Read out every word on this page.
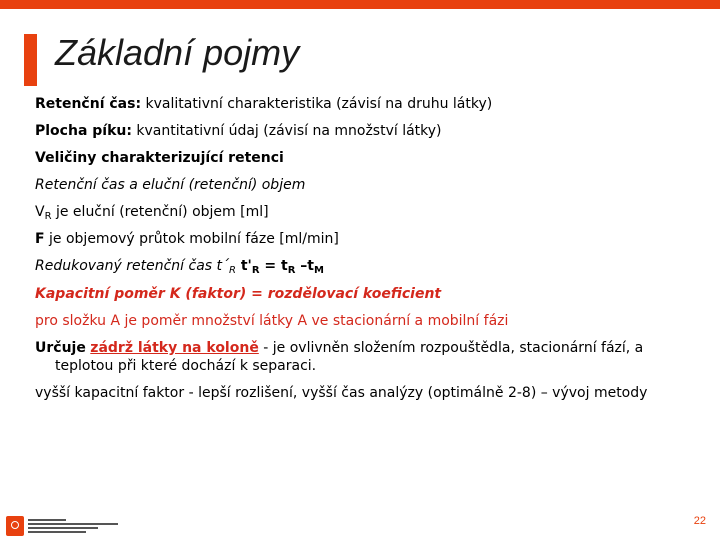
Základní pojmy
Retenční čas: kvalitativní charakteristika (závisí na druhu látky)
Plocha píku: kvantitativní údaj (závisí na množství látky)
Veličiny charakterizující retenci
Retenční čas a eluční (retenční) objem
$V_R$ je eluční (retenční) objem [ml]
F je objemový průtok mobilní fáze [ml/min]
Redukovaný retenční čas $t´_R$ $t'_R = t_R$ $-t_M$
Kapacitní poměr K (faktor) = rozdělovací koeficient
pro složku A je poměr množství látky A ve stacionární a mobilní fázi
Určuje zádrž látky na koloně - je ovlivněn složením rozpouštědla, stacionární fází, a teplotou při které dochází k separaci.
vyšší kapacitní faktor - lepší rozlišení, vyšší čas analýzy (optimálně 2-8) – vývoj metody
22
